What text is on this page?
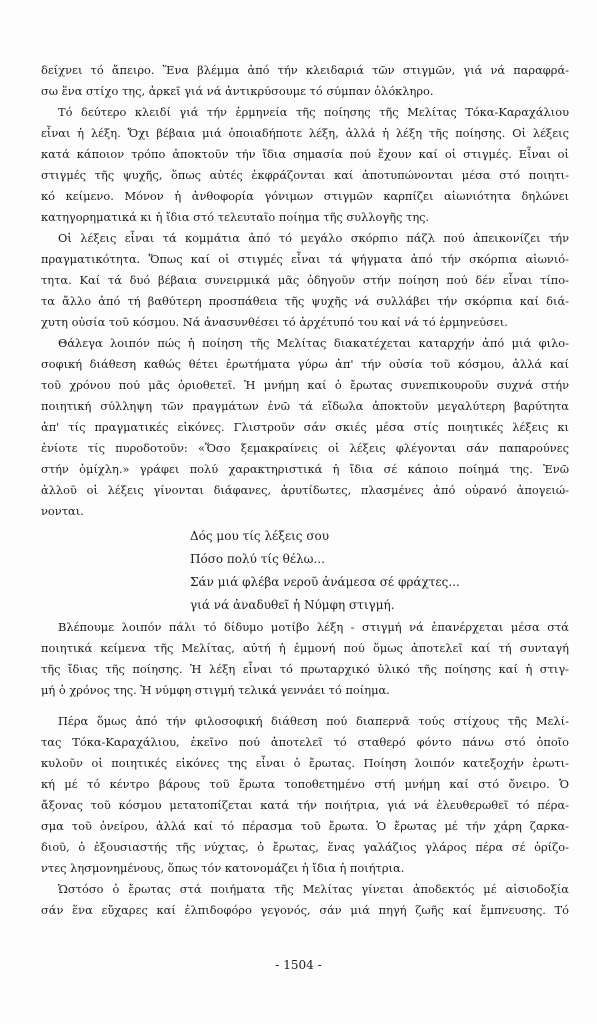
δείχνει τό ἄπειρο. Ἕνα βλέμμα ἀπό τήν κλειδαριά τῶν στιγμῶν, γιά νά παραφρά-
σω ἕνα στίχο της, ἀρκεῖ γιά νά ἀντικρύσουμε τό σύμπαν ὁλόκληρο.
Τό δεύτερο κλειδί γιά τήν ἑρμηνεία τῆς ποίησης τῆς Μελίτας Τόκα-Καραχάλιου
εἶναι ἡ λέξη. Ὄχι βέβαια μιά ὁποιαδήποτε λέξη, ἀλλά ἡ λέξη τῆς ποίησης. Οἱ λέξεις
κατά κάποιον τρόπο ἀποκτοῦν τήν ἴδια σημασία πού ἔχουν καί οἱ στιγμές. Εἶναι οἱ
στιγμές τῆς ψυχῆς, ὅπως αὐτές ἐκφράζονται καί ἀποτυπώνονται μέσα στό ποιητι-
κό κείμενο. Μόνον ἡ ἀνθοφορία γόνιμων στιγμῶν καρπίζει αἰωνιότητα δηλώνει
κατηγορηματικά κι ἡ ἴδια στό τελευταῖο ποίημα τῆς συλλογῆς της.
Οἱ λέξεις εἶναι τά κομμάτια ἀπό τό μεγάλο σκόρπιο πάζλ πού ἀπεικονίζει τήν
πραγματικότητα. Ὅπως καί οἱ στιγμές εἶναι τά ψήγματα ἀπό τήν σκόρπια αἰωνιό-
τητα. Καί τά δυό βέβαια συνειρμικά μᾶς ὁδηγοῦν στήν ποίηση πού δέν εἶναι τίπο-
τα ἄλλο ἀπό τή βαθύτερη προσπάθεια τῆς ψυχῆς νά συλλάβει τήν σκόρπια καί διά-
χυτη οὐσία τοῦ κόσμου. Νά ἀνασυνθέσει τό ἀρχέτυπό του καί νά τό ἑρμηνεύσει.
Θάλεγα λοιπόν πώς ἡ ποίηση τῆς Μελίτας διακατέχεται καταρχήν ἀπό μιά φιλο-
σοφική διάθεση καθώς θέτει ἐρωτήματα γύρω ἀπ' τήν οὐσία τοῦ κόσμου, ἀλλά καί
τοῦ χρόνου πού μᾶς ὁριοθετεῖ. Ἡ μνήμη καί ὁ ἔρωτας συνεπικουροῦν συχνά στήν
ποιητική σύλληψη τῶν πραγμάτων ἐνῶ τά εἴδωλα ἀποκτοῦν μεγαλύτερη βαρύτητα
ἀπ' τίς πραγματικές εἰκόνες. Γλιστροῦν σάν σκιές μέσα στίς ποιητικές λέξεις κι
ἐνίοτε τίς πυροδοτοῦν: «Ὅσο ξεμακραίνεις οἱ λέξεις φλέγονται σάν παπαρούνες
στήν ὁμίχλη.» γράφει πολύ χαρακτηριστικά ἡ ἴδια σέ κάποιο ποίημά της. Ἐνῶ
ἀλλοῦ οἱ λέξεις γίνονται διάφανες, ἀρυτίδωτες, πλασμένες ἀπό οὐρανό ἀπογειώ-
νονται.
Δός μου τίς λέξεις σου
Πόσο πολύ τίς θέλω...
Σάν μιά φλέβα νεροῦ ἀνάμεσα σέ φράχτες...
γιά νά ἀναδυθεῖ ἡ Νύμφη στιγμή.
Βλέπουμε λοιπόν πάλι τό δίδυμο μοτίβο λέξη - στιγμή νά ἐπανέρχεται μέσα στά
ποιητικά κείμενα τῆς Μελίτας, αὐτή ἡ ἐμμονή πού ὅμως ἀποτελεῖ καί τή συνταγή
τῆς ἴδιας τῆς ποίησης. Ἡ λέξη εἶναι τό πρωταρχικό ὑλικό τῆς ποίησης καί ἡ στιγ-
μή ὁ χρόνος της. Ἡ νύμφη στιγμή τελικά γεννάει τό ποίημα.
Πέρα ὅμως ἀπό τήν φιλοσοφική διάθεση πού διαπερνᾶ τούς στίχους τῆς Μελί-
τας Τόκα-Καραχάλιου, ἐκεῖνο πού ἀποτελεῖ τό σταθερό φόντο πάνω στό ὁποῖο
κυλοῦν οἱ ποιητικές εἰκόνες της εἶναι ὁ ἔρωτας. Ποίηση λοιπόν κατεξοχήν ἐρωτι-
κή μέ τό κέντρο βάρους τοῦ ἔρωτα τοποθετημένο στή μνήμη καί στό ὄνειρο. Ὁ
ἄξονας τοῦ κόσμου μετατοπίζεται κατά τήν ποιήτρια, γιά νά ἐλευθερωθεῖ τό πέρα-
σμα τοῦ ὀνείρου, ἀλλά καί τό πέρασμα τοῦ ἔρωτα. Ὁ ἔρωτας μέ τήν χάρη ζαρκα-
διοῦ, ὁ ἐξουσιαστής τῆς νύχτας, ὁ ἔρωτας, ἕνας γαλάζιος γλάρος πέρα σέ ὁρίζο-
ντες λησμονημένους, ὅπως τόν κατονομάζει ἡ ἴδια ἡ ποιήτρια.
Ὡστόσο ὁ ἔρωτας στά ποιήματα τῆς Μελίτας γίνεται ἀποδεκτός μέ αἰσιοδοξία
σάν ἕνα εὔχαρες καί ἐλπιδοφόρο γεγονός, σάν μιά πηγή ζωῆς καί ἔμπνευσης. Τό
- 1504 -
